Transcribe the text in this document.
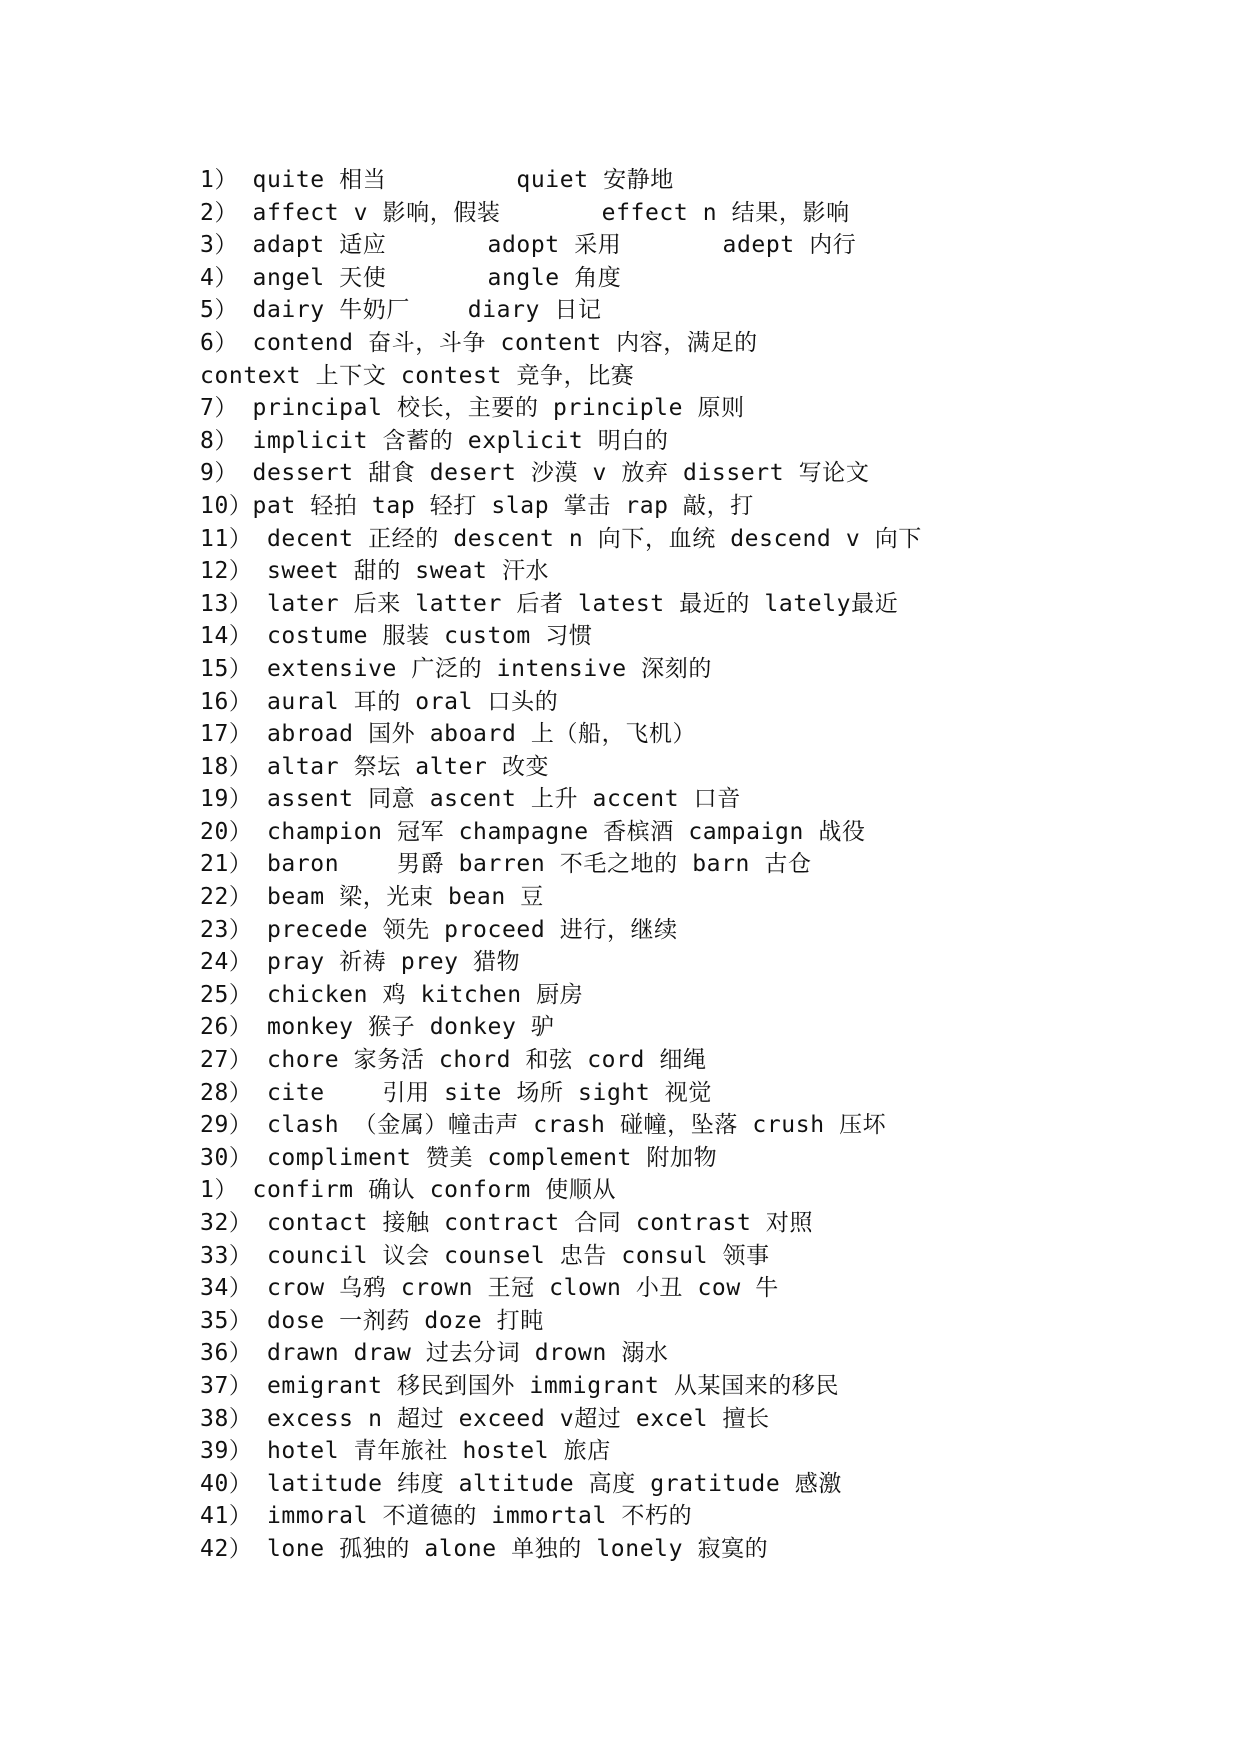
1） quite 相当         quiet 安静地
2） affect v 影响，假装       effect n 结果，影响
3） adapt 适应       adopt 采用       adept 内行
4） angel 天使       angle 角度
5） dairy 牛奶厂    diary 日记
6） contend 奋斗，斗争 content 内容，满足的
context 上下文 contest 竞争，比赛
7） principal 校长，主要的 principle 原则
8） implicit 含蓄的 explicit 明白的
9） dessert 甜食 desert 沙漠 v 放弃 dissert 写论文
10）pat 轻拍 tap 轻打 slap 掌击 rap 敲，打
11） decent 正经的 descent n 向下，血统 descend v 向下
12） sweet 甜的 sweat 汗水
13） later 后来 latter 后者 latest 最近的 lately最近
14） costume 服装 custom 习惯
15） extensive 广泛的 intensive 深刻的
16） aural 耳的 oral 口头的
17） abroad 国外 aboard 上（船，飞机）
18） altar 祭坛 alter 改变
19） assent 同意 ascent 上升 accent 口音
20） champion 冠军 champagne 香槟酒 campaign 战役
21） baron    男爵 barren 不毛之地的 barn 古仓
22） beam 梁，光束 bean 豆
23） precede 领先 proceed 进行，继续
24） pray 祈祷 prey 猎物
25） chicken 鸡 kitchen 厨房
26） monkey 猴子 donkey 驴
27） chore 家务活 chord 和弦 cord 细绳
28） cite    引用 site 场所 sight 视觉
29） clash （金属）幢击声 crash 碰幢，坠落 crush 压坏
30） compliment 赞美 complement 附加物
1） confirm 确认 conform 使顺从
32） contact 接触 contract 合同 contrast 对照
33） council 议会 counsel 忠告 consul 领事
34） crow 乌鸦 crown 王冠 clown 小丑 cow 牛
35） dose 一剂药 doze 打盹
36） drawn draw 过去分词 drown 溺水
37） emigrant 移民到国外 immigrant 从某国来的移民
38） excess n 超过 exceed v超过 excel 擅长
39） hotel 青年旅社 hostel 旅店
40） latitude 纬度 altitude 高度 gratitude 感激
41） immoral 不道德的 immortal 不朽的
42） lone 孤独的 alone 单独的 lonely 寂寞的
